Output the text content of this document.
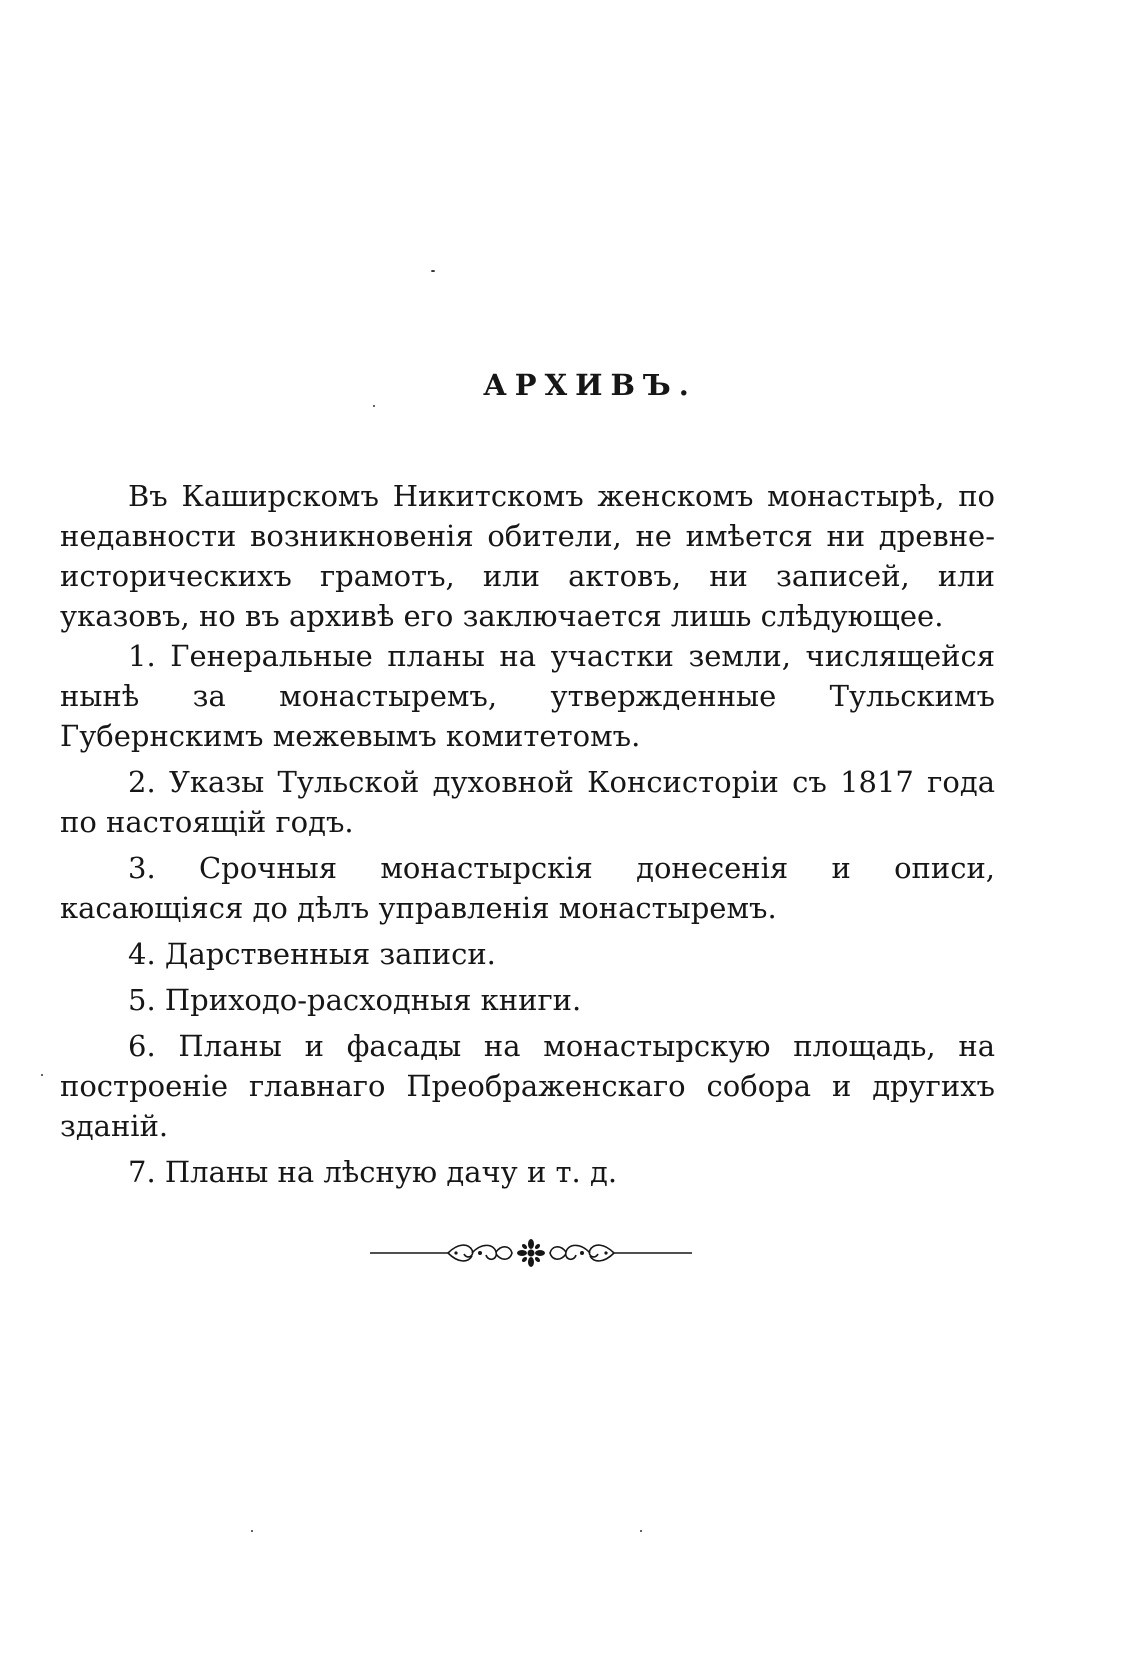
АРХИВЪ.

Въ Каширскомъ Никитскомъ женскомъ монастырѣ, по недавности возникновенія обители, не имѣется ни древне-историческихъ грамотъ, или актовъ, ни записей, или указовъ, но въ архивѣ его заключается лишь слѣдующее.

1. Генеральные планы на участки земли, числящейся нынѣ за монастыремъ, утвержденные Тульскимъ Губернскимъ межевымъ комитетомъ.

2. Указы Тульской духовной Консисторіи съ 1817 года по настоящій годъ.

3. Срочныя монастырскія донесенія и описи, касающіяся до дѣлъ управленія монастыремъ.

4. Дарственныя записи.

5. Приходо-расходныя книги.

6. Планы и фасады на монастырскую площадь, на построеніе главнаго Преображенскаго собора и другихъ зданій.

7. Планы на лѣсную дачу и т. д.
